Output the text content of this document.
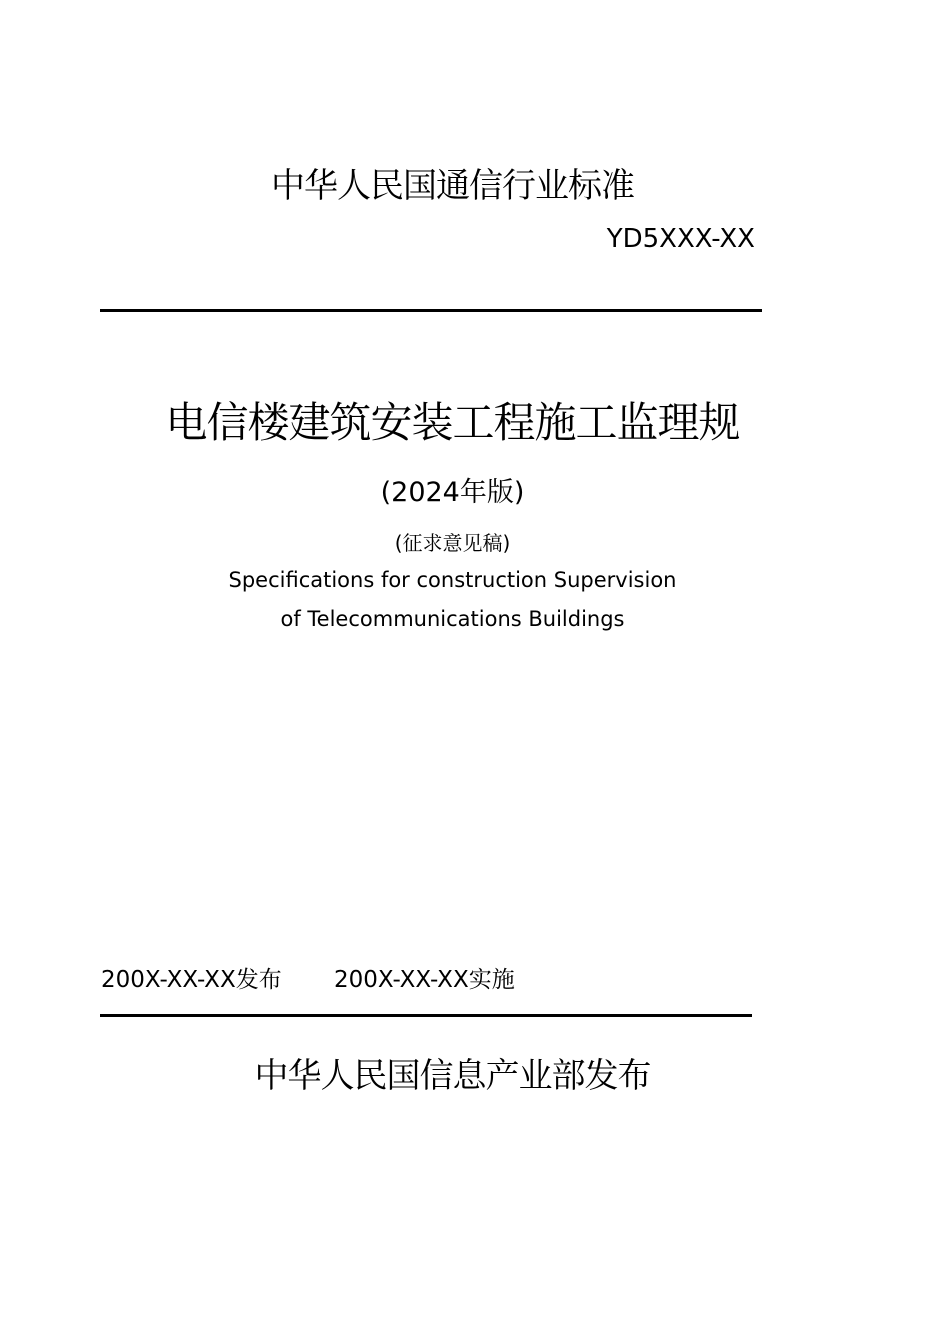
中华人民国通信行业标准
YD5XXX-XX
电信楼建筑安装工程施工监理规
(2024年版)
(征求意见稿)
Specifications for construction Supervision
of Telecommunications Buildings
200X-XX-XX发布 200X-XX-XX实施
中华人民国信息产业部发布
